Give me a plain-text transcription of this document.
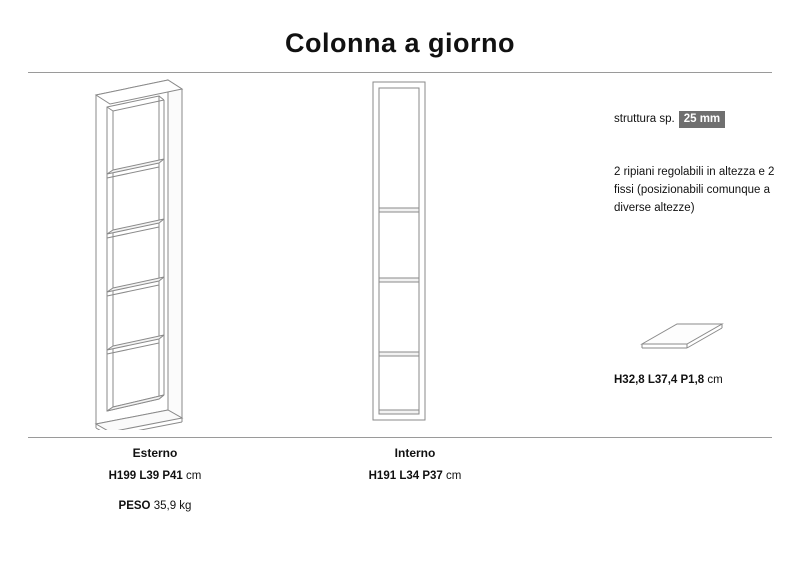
Colonna a giorno
struttura sp. 25 mm
2 ripiani regolabili in altezza e 2 fissi (posizionabili comunque a diverse altezze)
H32,8 L37,4 P1,8 cm
Esterno
H199 L39 P41 cm
PESO 35,9 kg
Interno
H191 L34 P37 cm
